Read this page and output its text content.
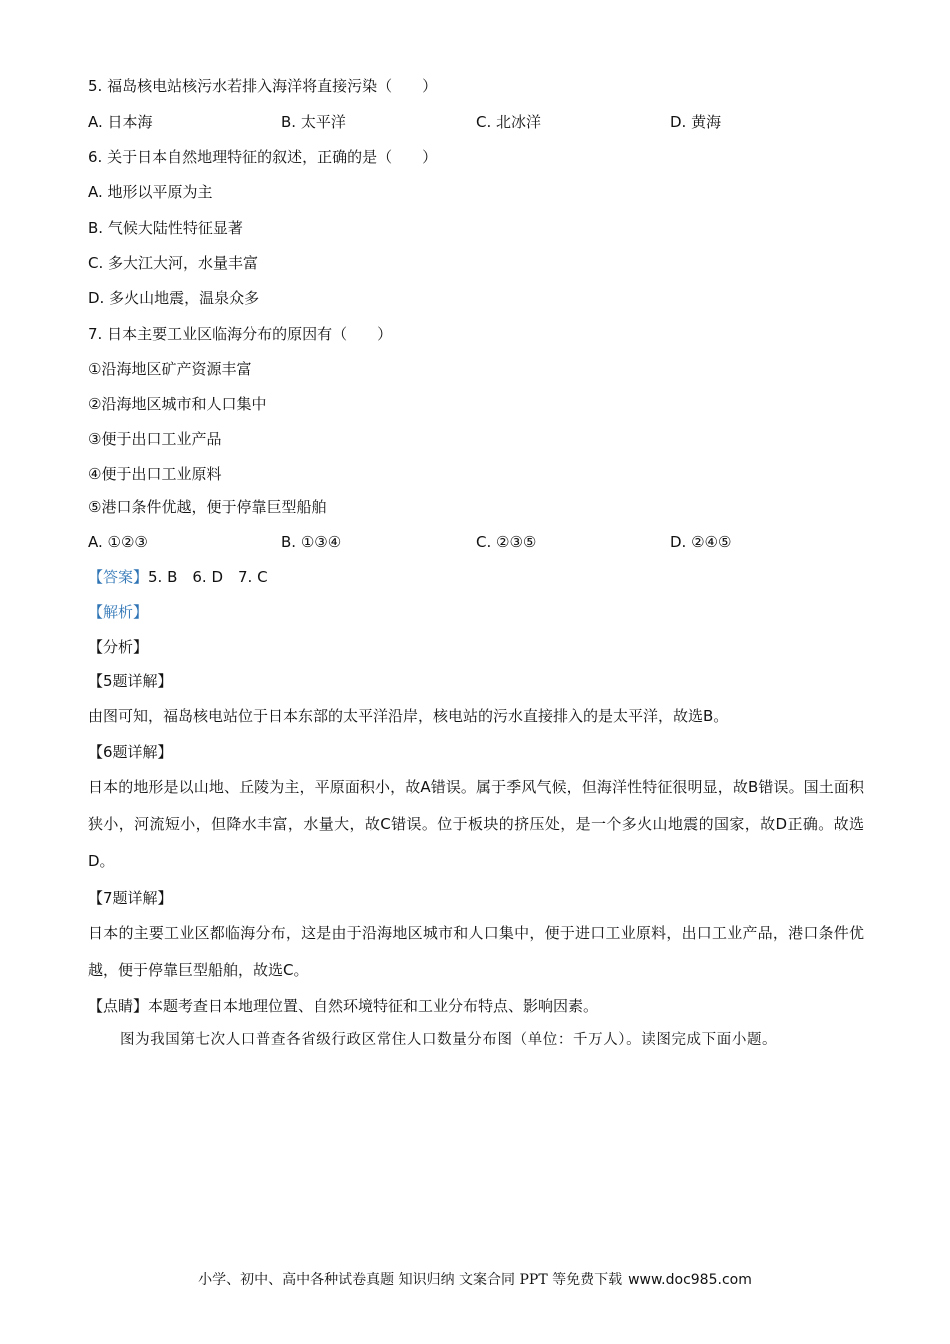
5. 福岛核电站核污水若排入海洋将直接污染（　　）
A. 日本海	B. 太平洋	C. 北冰洋	D. 黄海
6. 关于日本自然地理特征的叙述，正确的是（　　）
A. 地形以平原为主
B. 气候大陆性特征显著
C. 多大江大河，水量丰富
D. 多火山地震，温泉众多
7. 日本主要工业区临海分布的原因有（　　）
①沿海地区矿产资源丰富
②沿海地区城市和人口集中
③便于出口工业产品
④便于出口工业原料
⑤港口条件优越，便于停靠巨型船舶
A. ①②③	B. ①③④	C. ②③⑤	D. ②④⑤
【答案】5. B　6. D　7. C
【解析】
【分析】
【5题详解】
由图可知，福岛核电站位于日本东部的太平洋沿岸，核电站的污水直接排入的是太平洋，故选B。
【6题详解】
日本的地形是以山地、丘陵为主，平原面积小，故A错误。属于季风气候，但海洋性特征很明显，故B错误。国土面积狭小，河流短小，但降水丰富，水量大，故C错误。位于板块的挤压处，是一个多火山地震的国家，故D正确。故选D。
【7题详解】
日本的主要工业区都临海分布，这是由于沿海地区城市和人口集中，便于进口工业原料，出口工业产品，港口条件优越，便于停靠巨型船舶，故选C。
【点睛】本题考查日本地理位置、自然环境特征和工业分布特点、影响因素。
图为我国第七次人口普查各省级行政区常住人口数量分布图（单位：千万人）。读图完成下面小题。
小学、初中、高中各种试卷真题 知识归纳 文案合同 PPT 等免费下载 www.doc985.com
